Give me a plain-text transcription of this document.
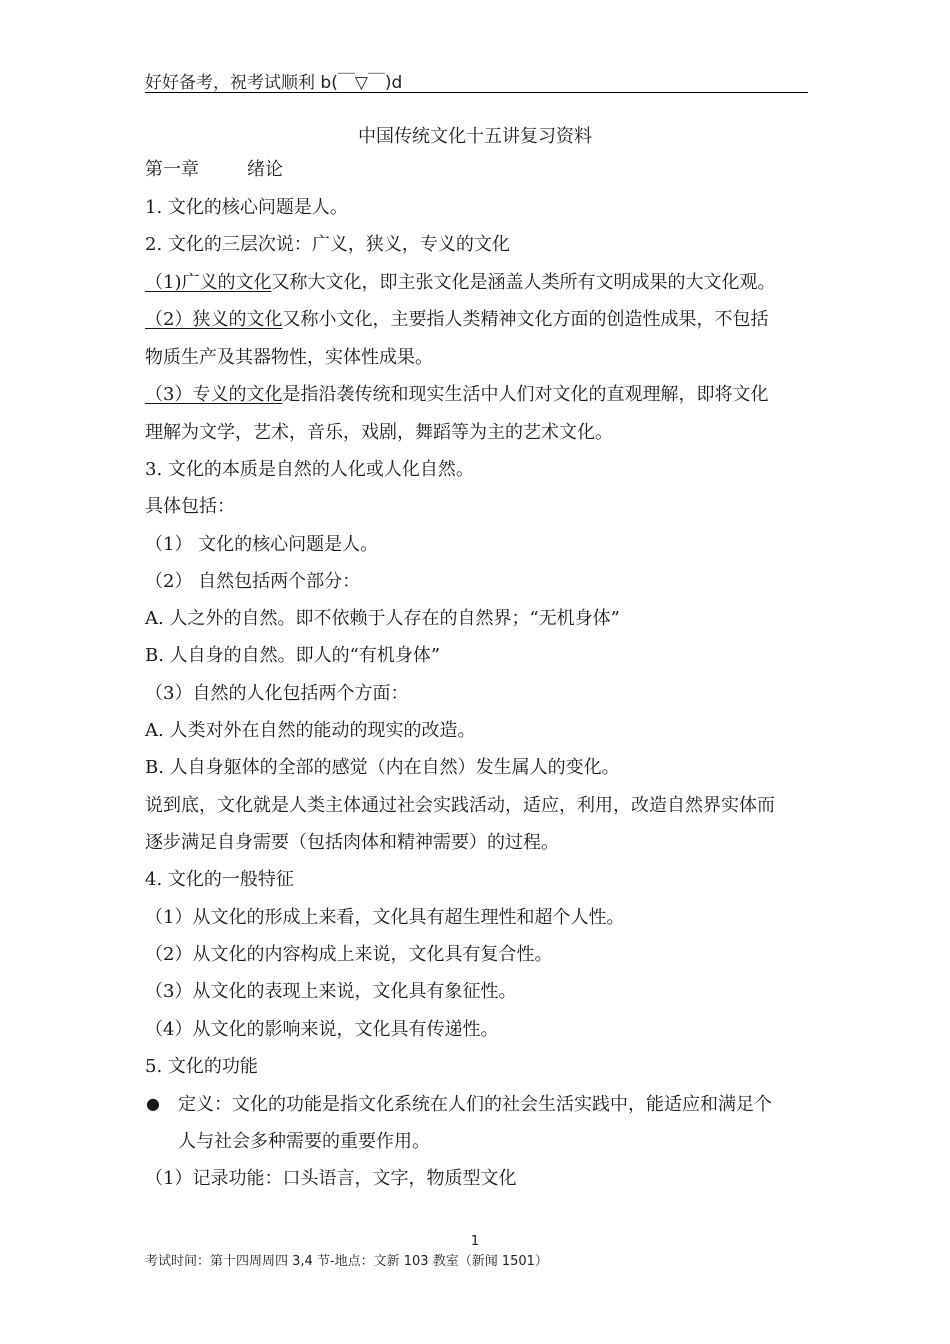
好好备考，祝考试顺利 b(￣▽￣)d
中国传统文化十五讲复习资料
第一章	绪论
1. 文化的核心问题是人。
2. 文化的三层次说：广义，狭义，专义的文化
（1)广义的文化又称大文化，即主张文化是涵盖人类所有文明成果的大文化观。
（2）狭义的文化又称小文化，主要指人类精神文化方面的创造性成果，不包括
物质生产及其器物性，实体性成果。
（3）专义的文化是指沿袭传统和现实生活中人们对文化的直观理解，即将文化
理解为文学，艺术，音乐，戏剧，舞蹈等为主的艺术文化。
3. 文化的本质是自然的人化或人化自然。
具体包括：
（1） 文化的核心问题是人。
（2） 自然包括两个部分：
A. 人之外的自然。即不依赖于人存在的自然界；“无机身体”
B. 人自身的自然。即人的“有机身体”
（3）自然的人化包括两个方面：
A. 人类对外在自然的能动的现实的改造。
B. 人自身躯体的全部的感觉（内在自然）发生属人的变化。
说到底，文化就是人类主体通过社会实践活动，适应，利用，改造自然界实体而
逐步满足自身需要（包括肉体和精神需要）的过程。
4. 文化的一般特征
（1）从文化的形成上来看，文化具有超生理性和超个人性。
（2）从文化的内容构成上来说，文化具有复合性。
（3）从文化的表现上来说，文化具有象征性。
（4）从文化的影响来说，文化具有传递性。
5. 文化的功能
● 定义：文化的功能是指文化系统在人们的社会生活实践中，能适应和满足个
人与社会多种需要的重要作用。
（1）记录功能：口头语言，文字，物质型文化
1
考试时间：第十四周周四 3,4 节-地点：文新 103 教室（新闻 1501）
